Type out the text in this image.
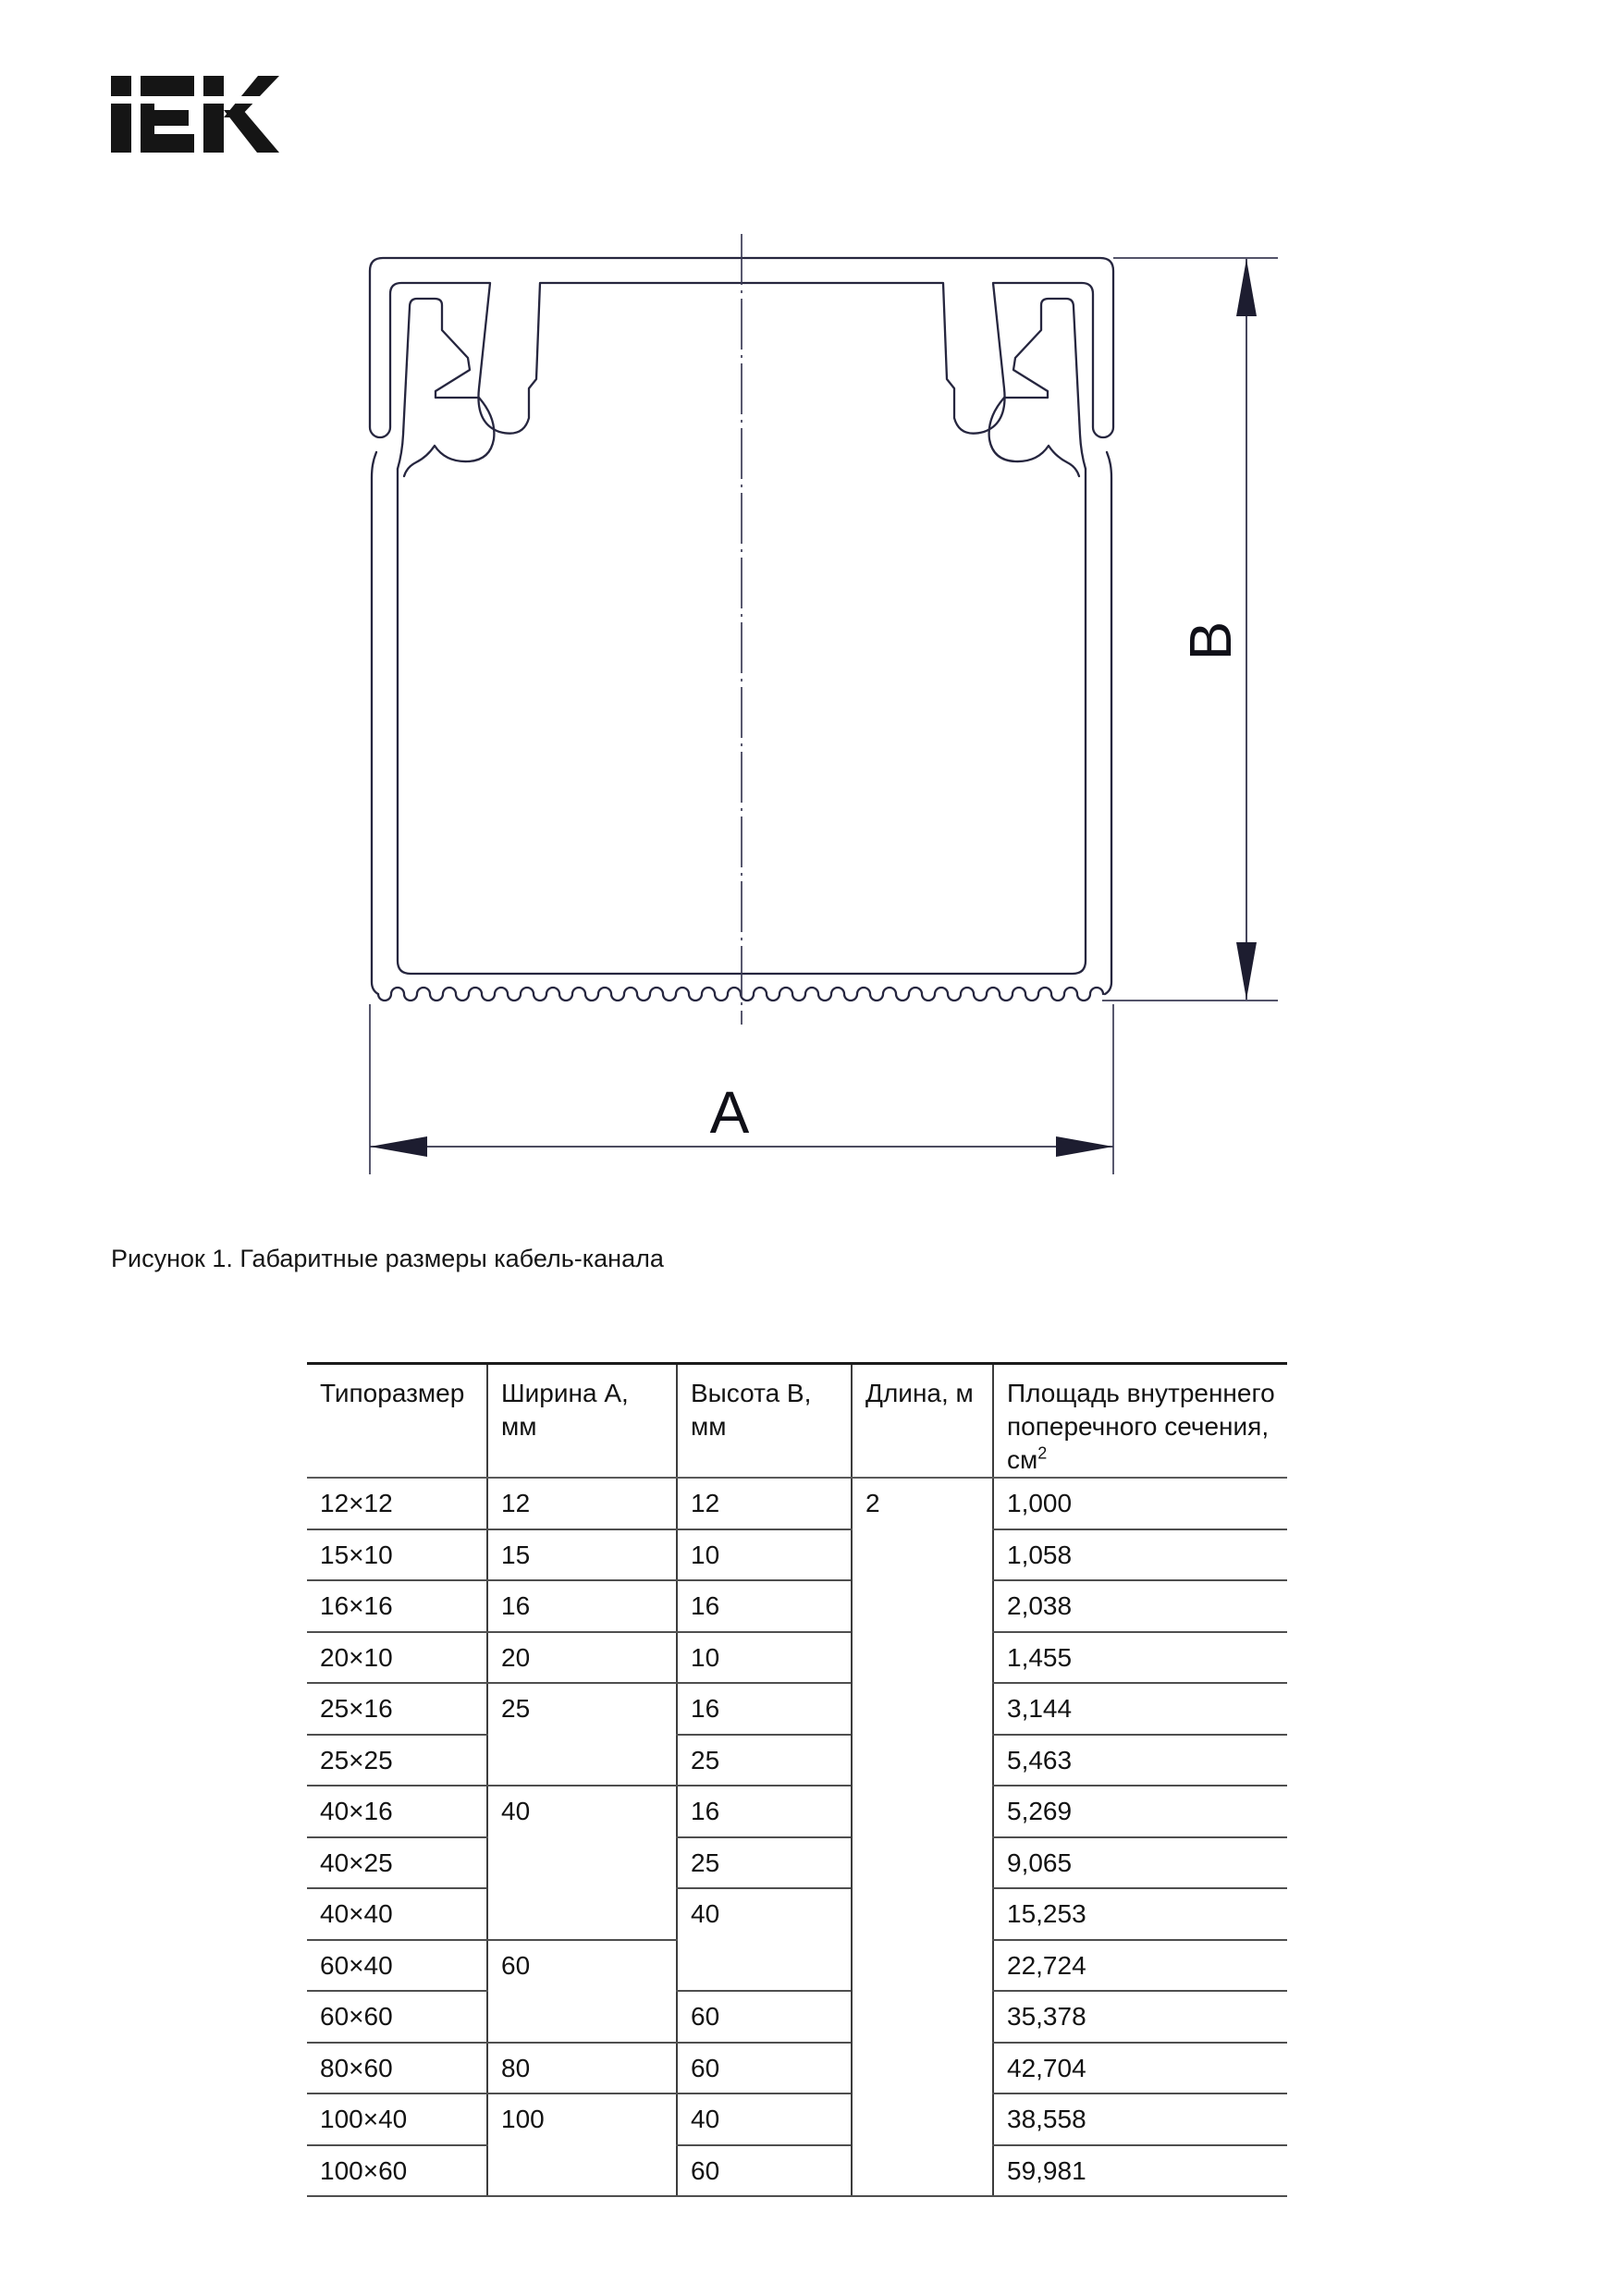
B
A
Рисунок 1. Габаритные размеры кабель-канала
Типоразмер	Ширина А, мм	Высота В, мм	Длина, м	Площадь внутреннего поперечного сечения, $см^2$
12×12	12	12	2	1,000
15×10	15	10		1,058
16×16	16	16		2,038
20×10	20	10		1,455
25×16	25	16		3,144
25×25		25		5,463
40×16	40	16		5,269
40×25		25		9,065
40×40		40		15,253
60×40	60			22,724
60×60		60		35,378
80×60	80	60		42,704
100×40	100	40		38,558
100×60		60		59,981
